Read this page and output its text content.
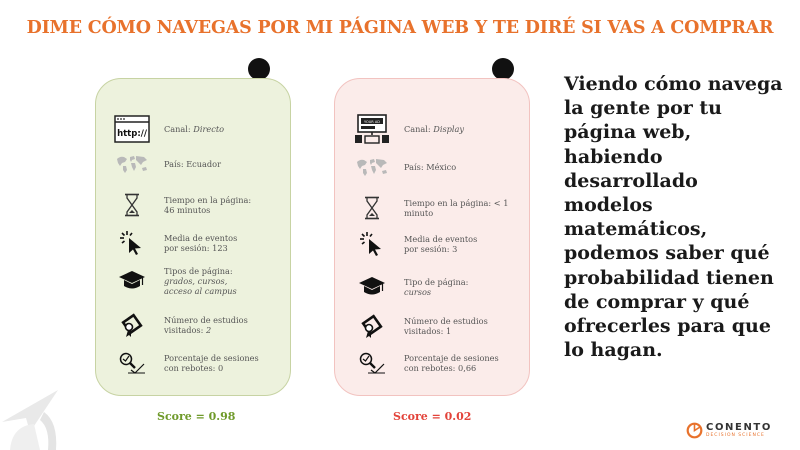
DIME CÓMO NAVEGAS POR MI PÁGINA WEB Y TE DIRÉ SI VAS A COMPRAR
http:// Canal: Directo
País: Ecuador
Tiempo en la página:
46 minutos
Media de eventos
por sesión: 123
Tipos de página:
grados, cursos,
acceso al campus
Número de estudios
visitados: 2
Porcentaje de sesiones
con rebotes: 0
Score = 0.98
YOUR AD
Canal: Display
País: México
Tiempo en la página: < 1
minuto
Media de eventos
por sesión: 3
Tipo de página:
cursos
Número de estudios
visitados: 1
Porcentaje de sesiones
con rebotes: 0,66
Score = 0.02
Viendo cómo navega
la gente por tu
página web,
habiendo
desarrollado
modelos
matemáticos,
podemos saber qué
probabilidad tienen
de comprar y qué
ofrecerles para que
lo hagan.
CONENTO
DECISION SCIENCE
